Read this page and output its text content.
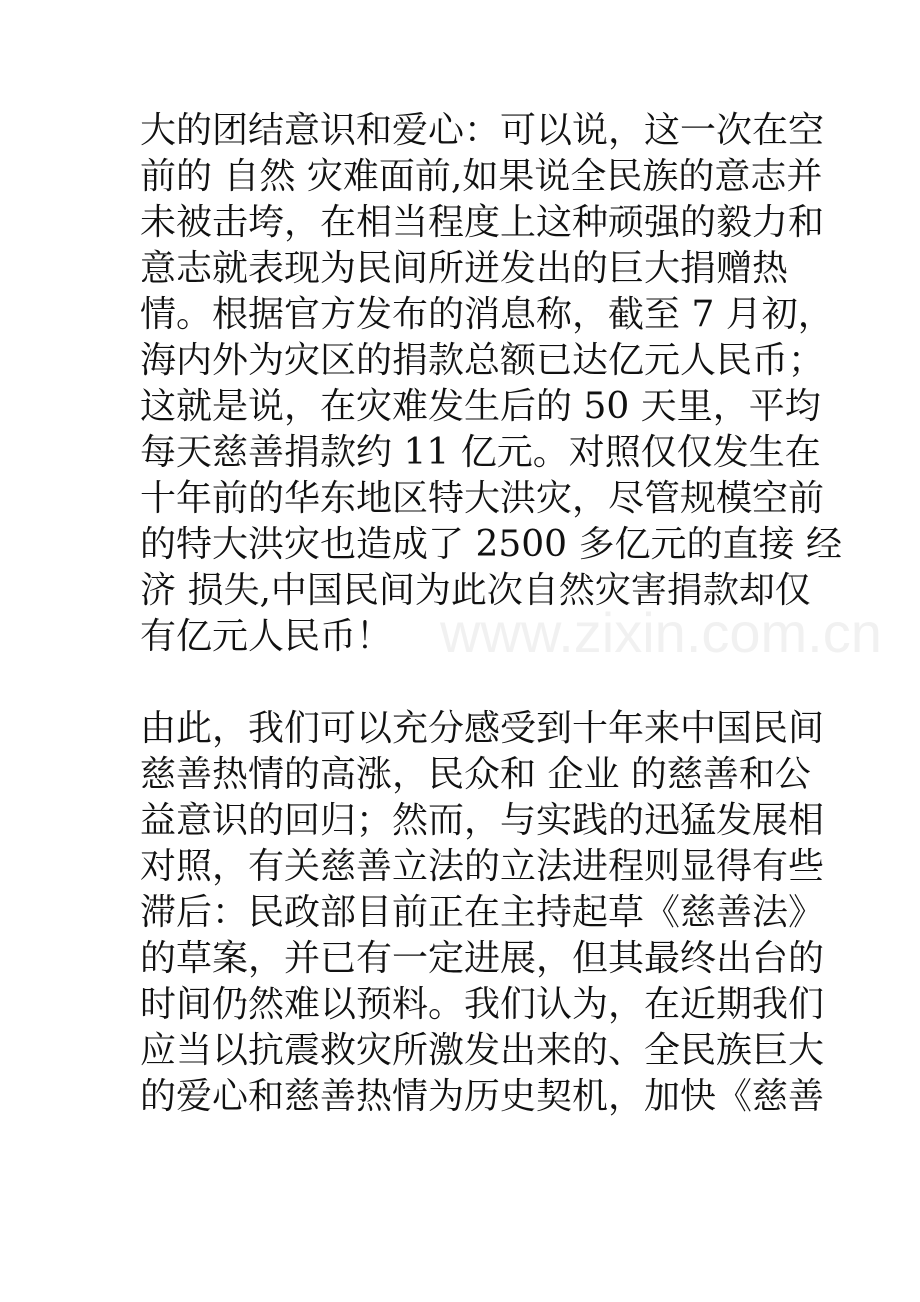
大的团结意识和爱心：可以说，这一次在空
前的 自然 灾难面前,如果说全民族的意志并
未被击垮，在相当程度上这种顽强的毅力和
意志就表现为民间所迸发出的巨大捐赠热
情。根据官方发布的消息称，截至 7 月初，
海内外为灾区的捐款总额已达亿元人民币；
这就是说，在灾难发生后的 50 天里，平均
每天慈善捐款约 11 亿元。对照仅仅发生在
十年前的华东地区特大洪灾，尽管规模空前
的特大洪灾也造成了 2500 多亿元的直接 经
济 损失,中国民间为此次自然灾害捐款却仅
有亿元人民币！
由此，我们可以充分感受到十年来中国民间
慈善热情的高涨，民众和 企业 的慈善和公
益意识的回归；然而，与实践的迅猛发展相
对照，有关慈善立法的立法进程则显得有些
滞后：民政部目前正在主持起草《慈善法》
的草案，并已有一定进展，但其最终出台的
时间仍然难以预料。我们认为，在近期我们
应当以抗震救灾所激发出来的、全民族巨大
的爱心和慈善热情为历史契机，加快《慈善
www.zixin.com.cn
